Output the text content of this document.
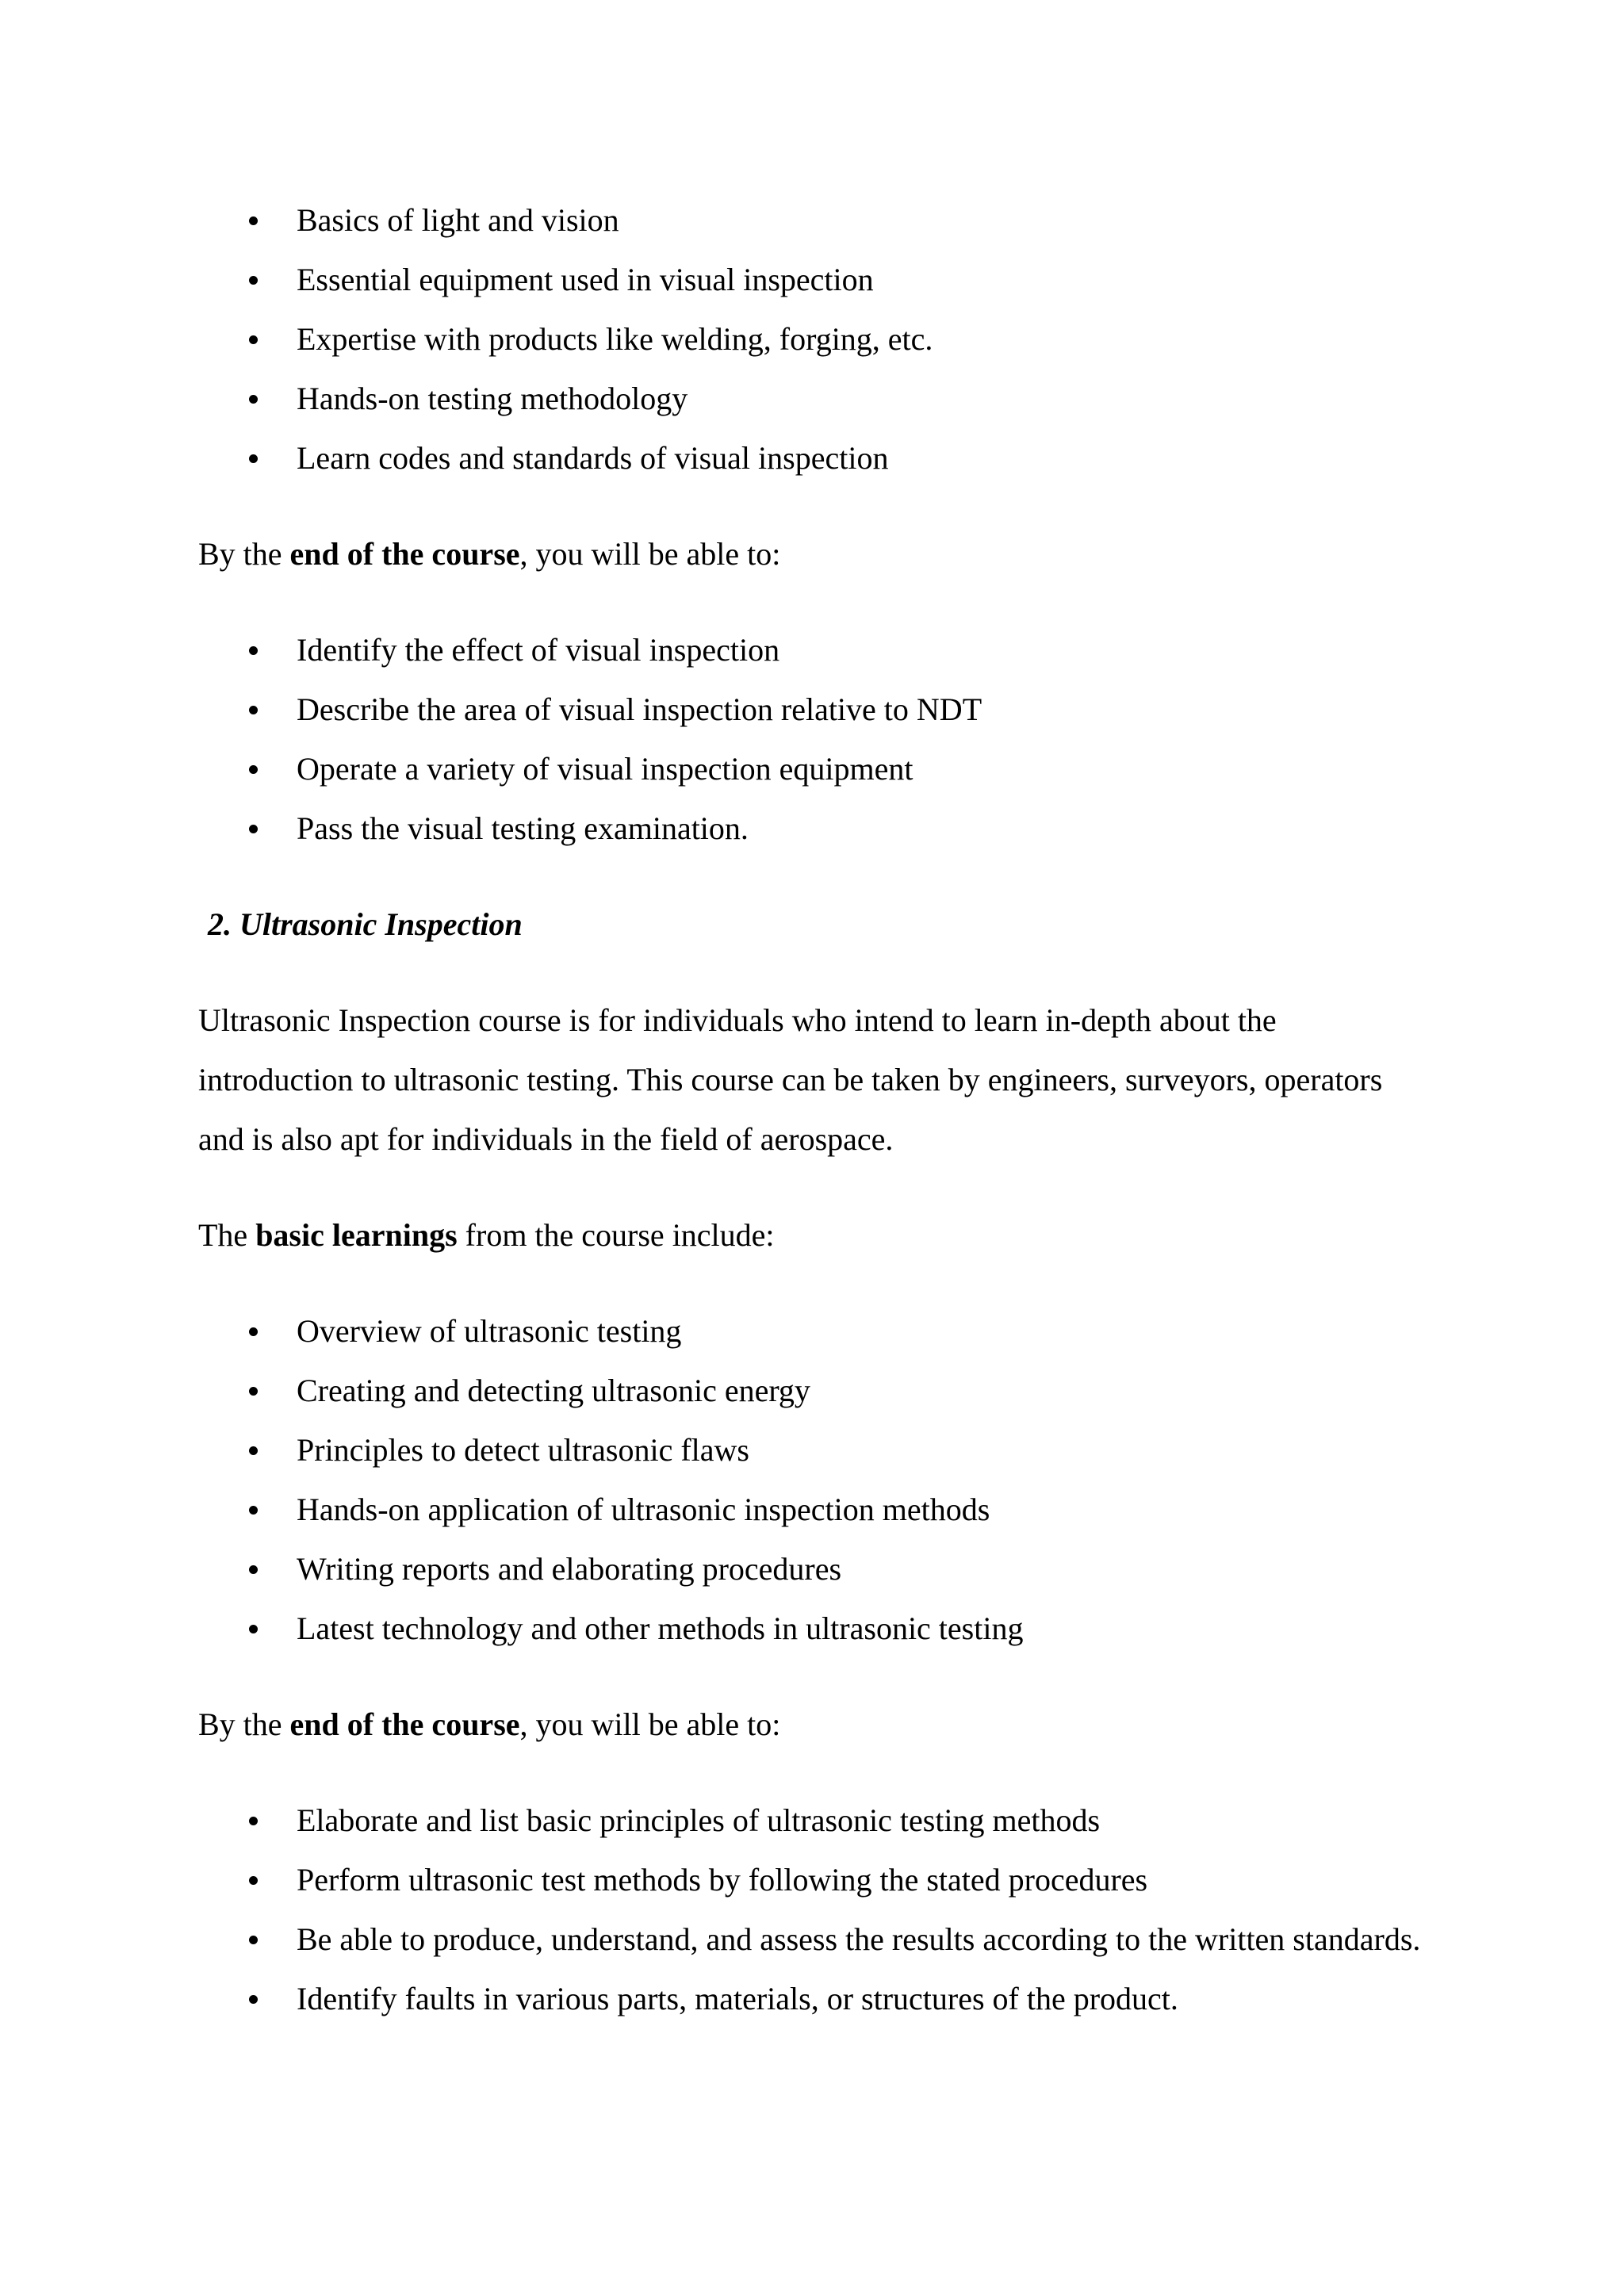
Basics of light and vision
Essential equipment used in visual inspection
Expertise with products like welding, forging, etc.
Hands-on testing methodology
Learn codes and standards of visual inspection

By the end of the course, you will be able to:

Identify the effect of visual inspection
Describe the area of visual inspection relative to NDT
Operate a variety of visual inspection equipment
Pass the visual testing examination.

2. Ultrasonic Inspection

Ultrasonic Inspection course is for individuals who intend to learn in-depth about the introduction to ultrasonic testing. This course can be taken by engineers, surveyors, operators and is also apt for individuals in the field of aerospace.

The basic learnings from the course include:

Overview of ultrasonic testing
Creating and detecting ultrasonic energy
Principles to detect ultrasonic flaws
Hands-on application of ultrasonic inspection methods
Writing reports and elaborating procedures
Latest technology and other methods in ultrasonic testing

By the end of the course, you will be able to:

Elaborate and list basic principles of ultrasonic testing methods
Perform ultrasonic test methods by following the stated procedures
Be able to produce, understand, and assess the results according to the written standards.
Identify faults in various parts, materials, or structures of the product.
